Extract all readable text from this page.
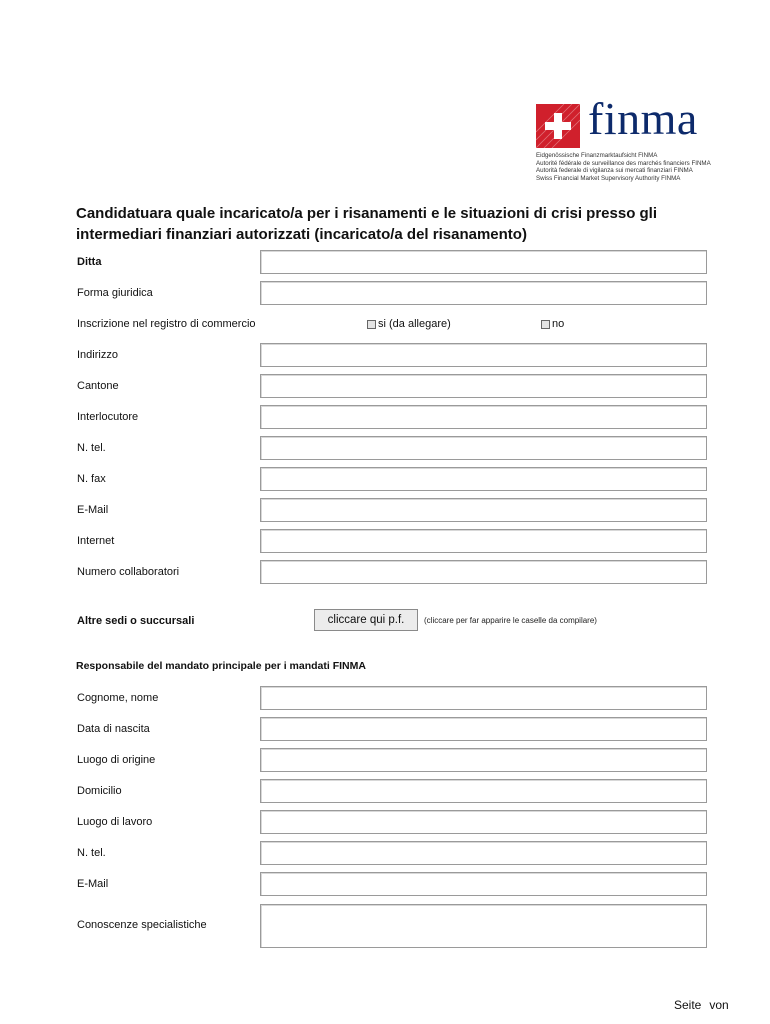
finma
Eidgenössische Finanzmarktaufsicht FINMA
Autorité fédérale de surveillance des marchés financiers FINMA
Autorità federale di vigilanza sui mercati finanziari FINMA
Swiss Financial Market Supervisory Authority FINMA
Candidatuara quale incaricato/a per i risanamenti e le situazioni di crisi presso gli intermediari finanziari autorizzati (incaricato/a del risanamento)
Ditta
Forma giuridica
Inscrizione nel registro di commercio	si (da allegare)	no
Indirizzo
Cantone
Interlocutore
N. tel.
N. fax
E-Mail
Internet
Numero collaboratori
Altre sedi o succursali	cliccare qui p.f.	(cliccare per far apparire le caselle da compilare)
Responsabile del mandato principale per i mandati FINMA
Cognome, nome
Data di nascita
Luogo di origine
Domicilio
Luogo di lavoro
N. tel.
E-Mail
Conoscenze specialistiche
Seite von
